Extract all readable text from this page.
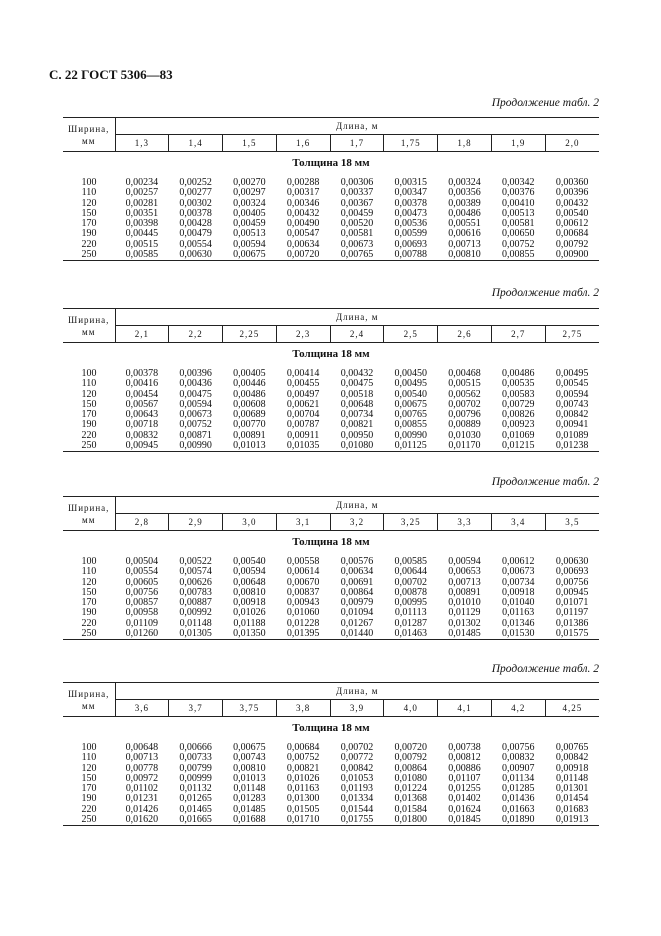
С. 22 ГОСТ 5306—83
Продолжение табл. 2
Ширина,
мм	Длина, м								
	1,3	1,4	1,5	1,6	1,7	1,75	1,8	1,9	2,0
Толщина 18 мм									

100	0,00234	0,00252	0,00270	0,00288	0,00306	0,00315	0,00324	0,00342	0,00360
110	0,00257	0,00277	0,00297	0,00317	0,00337	0,00347	0,00356	0,00376	0,00396
120	0,00281	0,00302	0,00324	0,00346	0,00367	0,00378	0,00389	0,00410	0,00432
150	0,00351	0,00378	0,00405	0,00432	0,00459	0,00473	0,00486	0,00513	0,00540
170	0,00398	0,00428	0,00459	0,00490	0,00520	0,00536	0,00551	0,00581	0,00612
190	0,00445	0,00479	0,00513	0,00547	0,00581	0,00599	0,00616	0,00650	0,00684
220	0,00515	0,00554	0,00594	0,00634	0,00673	0,00693	0,00713	0,00752	0,00792
250	0,00585	0,00630	0,00675	0,00720	0,00765	0,00788	0,00810	0,00855	0,00900
Продолжение табл. 2
Ширина,
мм	Длина, м								
	2,1	2,2	2,25	2,3	2,4	2,5	2,6	2,7	2,75
Толщина 18 мм									

100	0,00378	0,00396	0,00405	0,00414	0,00432	0,00450	0,00468	0,00486	0,00495
110	0,00416	0,00436	0,00446	0,00455	0,00475	0,00495	0,00515	0,00535	0,00545
120	0,00454	0,00475	0,00486	0,00497	0,00518	0,00540	0,00562	0,00583	0,00594
150	0,00567	0,00594	0,00608	0,00621	0,00648	0,00675	0,00702	0,00729	0,00743
170	0,00643	0,00673	0,00689	0,00704	0,00734	0,00765	0,00796	0,00826	0,00842
190	0,00718	0,00752	0,00770	0,00787	0,00821	0,00855	0,00889	0,00923	0,00941
220	0,00832	0,00871	0,00891	0,00911	0,00950	0,00990	0,01030	0,01069	0,01089
250	0,00945	0,00990	0,01013	0,01035	0,01080	0,01125	0,01170	0,01215	0,01238
Продолжение табл. 2
Ширина,
мм	Длина, м								
	2,8	2,9	3,0	3,1	3,2	3,25	3,3	3,4	3,5
Толщина 18 мм									

100	0,00504	0,00522	0,00540	0,00558	0,00576	0,00585	0,00594	0,00612	0,00630
110	0,00554	0,00574	0,00594	0,00614	0,00634	0,00644	0,00653	0,00673	0,00693
120	0,00605	0,00626	0,00648	0,00670	0,00691	0,00702	0,00713	0,00734	0,00756
150	0,00756	0,00783	0,00810	0,00837	0,00864	0,00878	0,00891	0,00918	0,00945
170	0,00857	0,00887	0,00918	0,00943	0,00979	0,00995	0,01010	0,01040	0,01071
190	0,00958	0,00992	0,01026	0,01060	0,01094	0,01113	0,01129	0,01163	0,01197
220	0,01109	0,01148	0,01188	0,01228	0,01267	0,01287	0,01302	0,01346	0,01386
250	0,01260	0,01305	0,01350	0,01395	0,01440	0,01463	0,01485	0,01530	0,01575
Продолжение табл. 2
Ширина,
мм	Длина, м								
	3,6	3,7	3,75	3,8	3,9	4,0	4,1	4,2	4,25
Толщина 18 мм									

100	0,00648	0,00666	0,00675	0,00684	0,00702	0,00720	0,00738	0,00756	0,00765
110	0,00713	0,00733	0,00743	0,00752	0,00772	0,00792	0,00812	0,00832	0,00842
120	0,00778	0,00799	0,00810	0,00821	0,00842	0,00864	0,00886	0,00907	0,00918
150	0,00972	0,00999	0,01013	0,01026	0,01053	0,01080	0,01107	0,01134	0,01148
170	0,01102	0,01132	0,01148	0,01163	0,01193	0,01224	0,01255	0,01285	0,01301
190	0,01231	0,01265	0,01283	0,01300	0,01334	0,01368	0,01402	0,01436	0,01454
220	0,01426	0,01465	0,01485	0,01505	0,01544	0,01584	0,01624	0,01663	0,01683
250	0,01620	0,01665	0,01688	0,01710	0,01755	0,01800	0,01845	0,01890	0,01913
